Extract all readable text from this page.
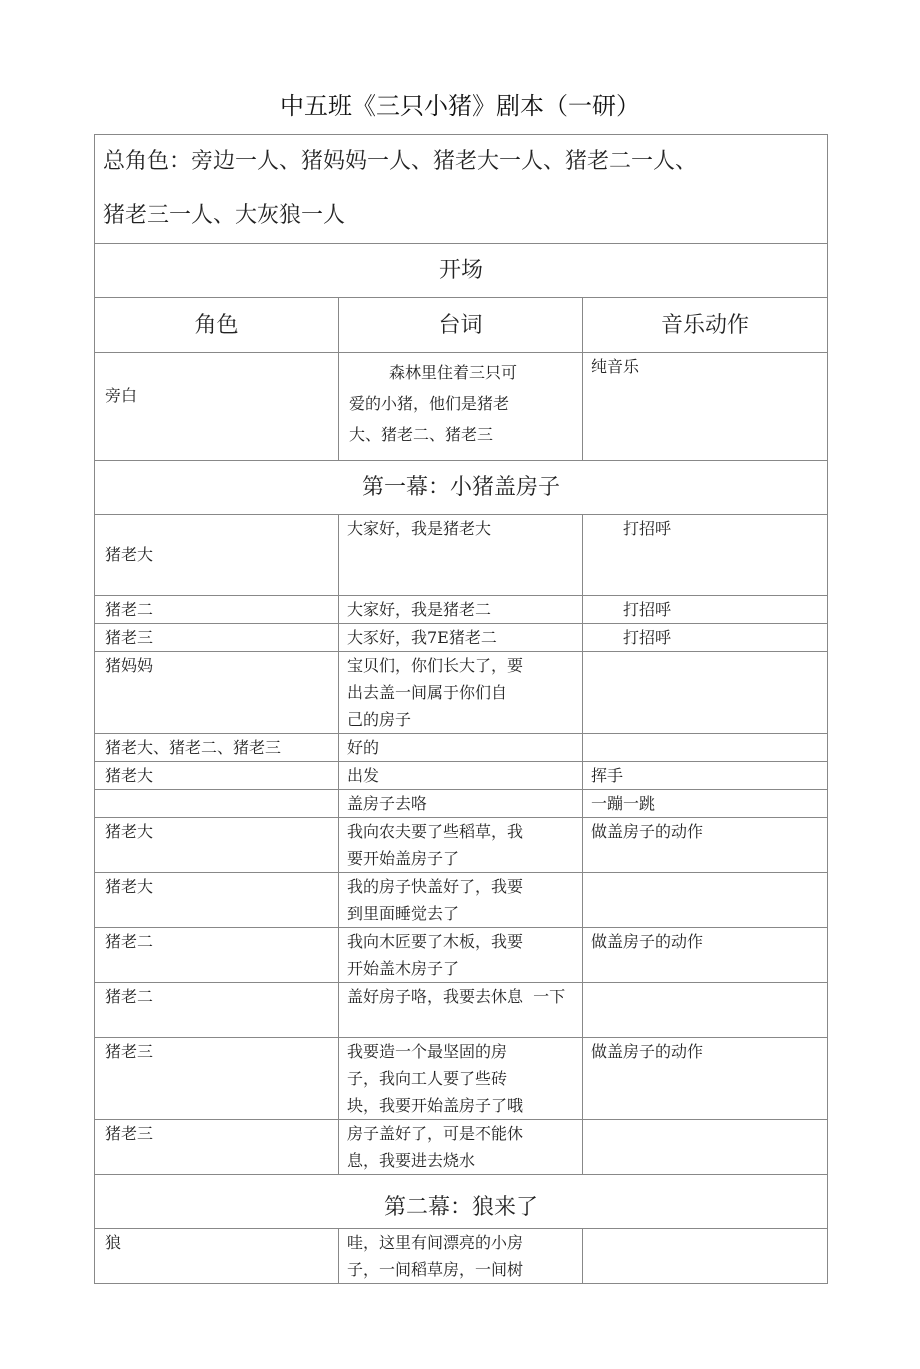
中五班《三只小猪》剧本（一研）
总角色：旁边一人、猪妈妈一人、猪老大一人、猪老二一人、
猪老三一人、大灰狼一人		

开场		
角色	台词	音乐动作
旁白	森林里住着三只可
爱的小猪，他们是猪老
大、猪老二、猪老三	纯音乐
第一幕：小猪盖房子		
猪老大	大家好，我是猪老大	打招呼
猪老二	大家好，我是猪老二	打招呼
猪老三	大豕好，我7E猪老二	打招呼
猪妈妈	宝贝们，你们长大了，要
出去盖一间属于你们自
己的房子	
猪老大、猪老二、猪老三	好的	
猪老大	出发	挥手
	盖房子去咯	一蹦一跳
猪老大	我向农夫要了些稻草，我
要开始盖房子了	做盖房子的动作
猪老大	我的房子快盖好了，我要
到里面睡觉去了	
猪老二	我向木匠要了木板，我要
开始盖木房子了	做盖房子的动作
猪老二	盖好房子咯，我要去休息  一下	
猪老三	我要造一个最坚固的房
子，我向工人要了些砖
块，我要开始盖房子了哦	做盖房子的动作
猪老三	房子盖好了，可是不能休
息，我要进去烧水	
第二幕：狼来了		
狼	哇，这里有间漂亮的小房
子，一间稻草房，一间树	
